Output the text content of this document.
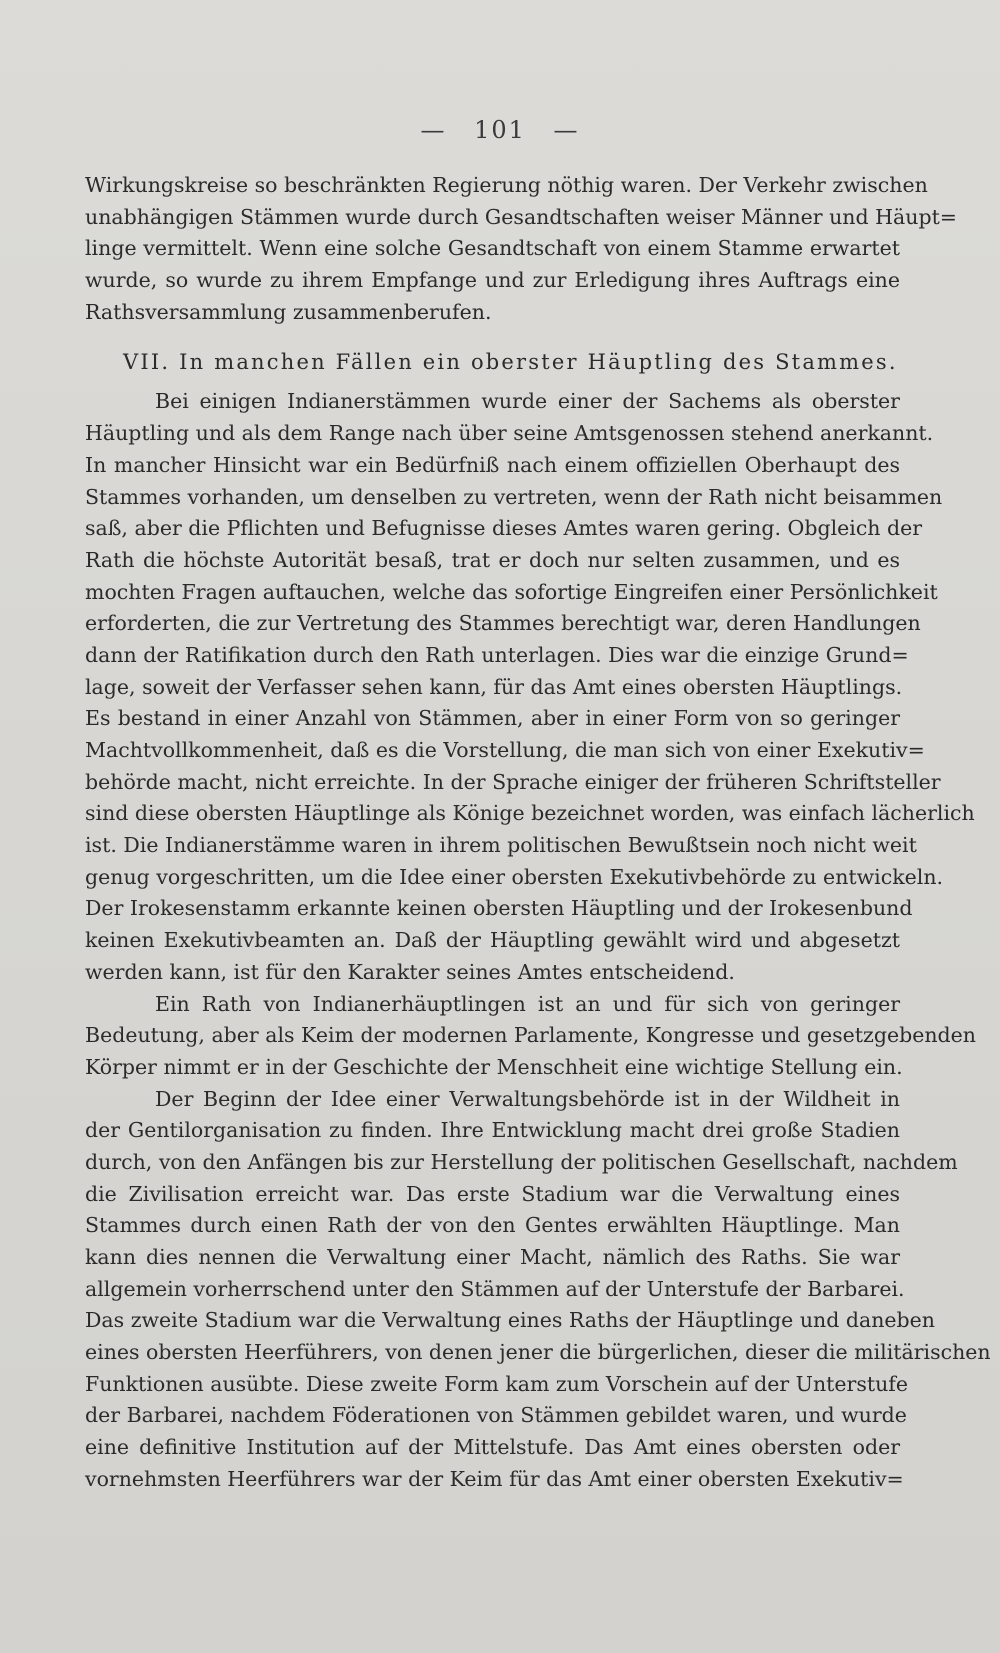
— 101 —
Wirkungskreise so beschränkten Regierung nöthig waren. Der Verkehr zwischen
unabhängigen Stämmen wurde durch Gesandtschaften weiser Männer und Häupt=
linge vermittelt. Wenn eine solche Gesandtschaft von einem Stamme erwartet
wurde, so wurde zu ihrem Empfange und zur Erledigung ihres Auftrags eine
Rathsversammlung zusammenberufen.
VII. In manchen Fällen ein oberster Häuptling des Stammes.
Bei einigen Indianerstämmen wurde einer der Sachems als oberster
Häuptling und als dem Range nach über seine Amtsgenossen stehend anerkannt.
In mancher Hinsicht war ein Bedürfniß nach einem offiziellen Oberhaupt des
Stammes vorhanden, um denselben zu vertreten, wenn der Rath nicht beisammen
saß, aber die Pflichten und Befugnisse dieses Amtes waren gering. Obgleich der
Rath die höchste Autorität besaß, trat er doch nur selten zusammen, und es
mochten Fragen auftauchen, welche das sofortige Eingreifen einer Persönlichkeit
erforderten, die zur Vertretung des Stammes berechtigt war, deren Handlungen
dann der Ratifikation durch den Rath unterlagen. Dies war die einzige Grund=
lage, soweit der Verfasser sehen kann, für das Amt eines obersten Häuptlings.
Es bestand in einer Anzahl von Stämmen, aber in einer Form von so geringer
Machtvollkommenheit, daß es die Vorstellung, die man sich von einer Exekutiv=
behörde macht, nicht erreichte. In der Sprache einiger der früheren Schriftsteller
sind diese obersten Häuptlinge als Könige bezeichnet worden, was einfach lächerlich
ist. Die Indianerstämme waren in ihrem politischen Bewußtsein noch nicht weit
genug vorgeschritten, um die Idee einer obersten Exekutivbehörde zu entwickeln.
Der Irokesenstamm erkannte keinen obersten Häuptling und der Irokesenbund
keinen Exekutivbeamten an. Daß der Häuptling gewählt wird und abgesetzt
werden kann, ist für den Karakter seines Amtes entscheidend.
Ein Rath von Indianerhäuptlingen ist an und für sich von geringer
Bedeutung, aber als Keim der modernen Parlamente, Kongresse und gesetzgebenden
Körper nimmt er in der Geschichte der Menschheit eine wichtige Stellung ein.
Der Beginn der Idee einer Verwaltungsbehörde ist in der Wildheit in
der Gentilorganisation zu finden. Ihre Entwicklung macht drei große Stadien
durch, von den Anfängen bis zur Herstellung der politischen Gesellschaft, nachdem
die Zivilisation erreicht war. Das erste Stadium war die Verwaltung eines
Stammes durch einen Rath der von den Gentes erwählten Häuptlinge. Man
kann dies nennen die Verwaltung einer Macht, nämlich des Raths. Sie war
allgemein vorherrschend unter den Stämmen auf der Unterstufe der Barbarei.
Das zweite Stadium war die Verwaltung eines Raths der Häuptlinge und daneben
eines obersten Heerführers, von denen jener die bürgerlichen, dieser die militärischen
Funktionen ausübte. Diese zweite Form kam zum Vorschein auf der Unterstufe
der Barbarei, nachdem Föderationen von Stämmen gebildet waren, und wurde
eine definitive Institution auf der Mittelstufe. Das Amt eines obersten oder
vornehmsten Heerführers war der Keim für das Amt einer obersten Exekutiv=
